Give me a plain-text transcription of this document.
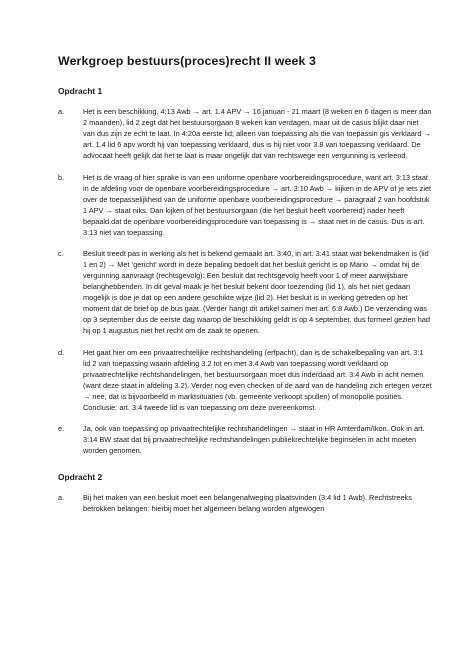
Werkgroep bestuurs(proces)recht II week 3
Opdracht 1
a.	Het is een beschikking, 4:13 Awb → art. 1.4 APV → 16 januari - 21 maart (8 weken en 6 dagen is meer dan 2 maanden), lid 2 zegt dat het bestuursorgaan 8 weken kan verdagen, maar uit de casus blijkt daar niet van dus zijn ze echt te laat. In 4:20a eerste lid; alleen van toepassing als die van toepassin gis verklaard → art. 1.4 lid 6 apv wordt hij van toepassing verklaard, dus is hij niet voor 3.8 van toepassing verklaard. De advocaat heeft gelijk dat het te laat is maar ongelijk dat van rechtswege een vergunning is verleend.
b.	Het is de vraag of hier sprake is van een uniforme openbare voorbereidingsprocedure, want art. 3:13 staat in de afdeling voor de openbare voorbereidingsprocedure → art. 3:10 Awb → kijken in de APV of je iets ziet over de toepasselijkheid van de uniforme openbare voorbereidingsprocedure → paragraaf 2 van hoofdstuk 1 APV → staat niks. Dan kijken of het bestuursorgaan (die het besluit heeft voorbereid) nader heeft bepaald dat de openbare voorbereidingsprocedure van toepassing is → staat niet in de casus. Dus is art. 3:13 niet van toepassing.
c.	Besluit treedt pas in werking als het is bekend gemaakt art. 3:40, in art. 3:41 staat wat bekendmaken is (lid 1 en 2) → Met ‘gericht’ wordt in deze bepaling bedoelt dat het besluit gericht is op Mario → omdat hij de vergunning aanvraagt (rechtsgevolg): Een besluit dat rechtsgevolg heeft voor 1 of meer aanwijsbare belanghebbenden. In dit geval maak je het besluit bekent door toezending (lid 1), als het niet gedaan mogelijk is doe je dat op een andere geschikte wijze (lid 2). Het besluit is in werking getreden op het moment dat de brief op de bus gaat. (Verder hangt dit artikel samen met art. 6:8 Awb.) De verzending was op 3 september dus de eerste dag waarop de beschikking geldt is op 4 september, dus formeel gezien had hij op 1 augustus niet het recht om de zaak te openen.
d.	Het gaat hier om een privaatrechtelijke rechtshandeling (erfpacht), dan is de schakelbepaling van art. 3:1 lid 2 van toepassing waarin afdeling 3.2 tot en met 3.4 Awb van toepassing wordt verklaard op privaatrechtelijke rechtshandelingen, het bestuursorgaan moet dus inderdaad art. 3:4 Awb in acht nemen (want deze staat in afdeling 3.2). Verder nog even checken of de aard van de handeling zich ertegen verzet → nee, dat is bijvoorbeeld in marktsituaties (vb. gemeente verkoopt spullen) of monopolie posities. Conclusie: art. 3:4 tweede lid is van toepassing om deze overeenkomst.
e.	Ja, ook van toepassing op privaatrechtelijke rechtshandelingen → staat in HR Amterdam/Ikon. Ook in art. 3:14 BW staat dat bij privaatrechtelijke rechtshandelingen publiekrechtelijke beginselen in acht moeten worden genomen.
Opdracht 2
a.	Bij het maken van een besluit moet een belangenafweging plaatsvinden (3:4 lid 1 Awb). Rechtstreeks betrokken belangen: hierbij moet het algemeen belang worden afgewogen
